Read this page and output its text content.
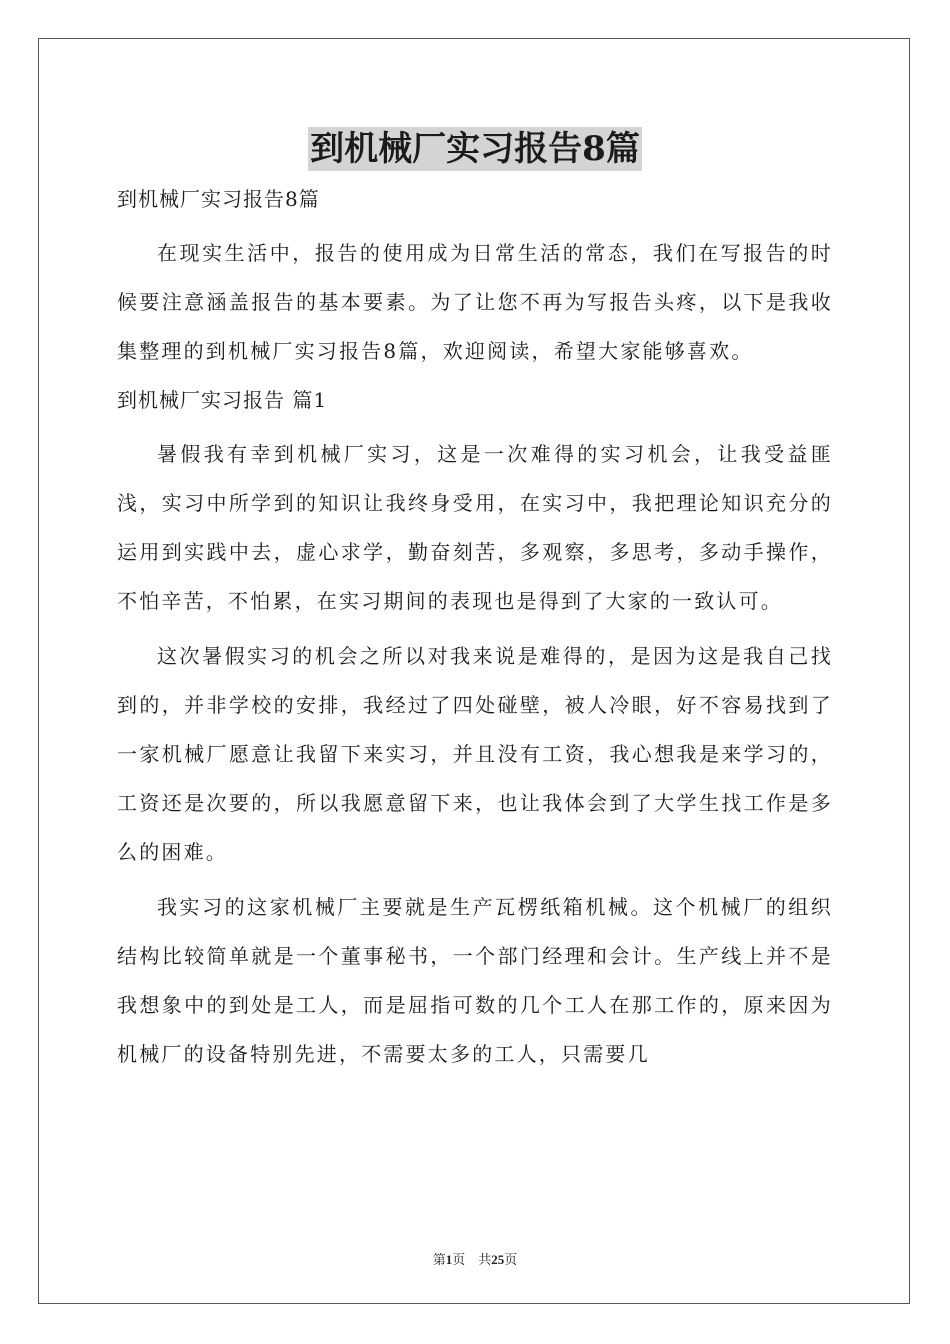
到机械厂实习报告8篇
到机械厂实习报告8篇

在现实生活中，报告的使用成为日常生活的常态，我们在写报告的时候要注意涵盖报告的基本要素。为了让您不再为写报告头疼，以下是我收集整理的到机械厂实习报告8篇，欢迎阅读，希望大家能够喜欢。

到机械厂实习报告 篇1

暑假我有幸到机械厂实习，这是一次难得的实习机会，让我受益匪浅，实习中所学到的知识让我终身受用，在实习中，我把理论知识充分的运用到实践中去，虚心求学，勤奋刻苦，多观察，多思考，多动手操作，不怕辛苦，不怕累，在实习期间的表现也是得到了大家的一致认可。

这次暑假实习的机会之所以对我来说是难得的，是因为这是我自己找到的，并非学校的安排，我经过了四处碰壁，被人冷眼，好不容易找到了一家机械厂愿意让我留下来实习，并且没有工资，我心想我是来学习的，工资还是次要的，所以我愿意留下来，也让我体会到了大学生找工作是多么的困难。

我实习的这家机械厂主要就是生产瓦楞纸箱机械。这个机械厂的组织结构比较简单就是一个董事秘书，一个部门经理和会计。生产线上并不是我想象中的到处是工人，而是屈指可数的几个工人在那工作的，原来因为机械厂的设备特别先进，不需要太多的工人，只需要几

第1页　共25页
